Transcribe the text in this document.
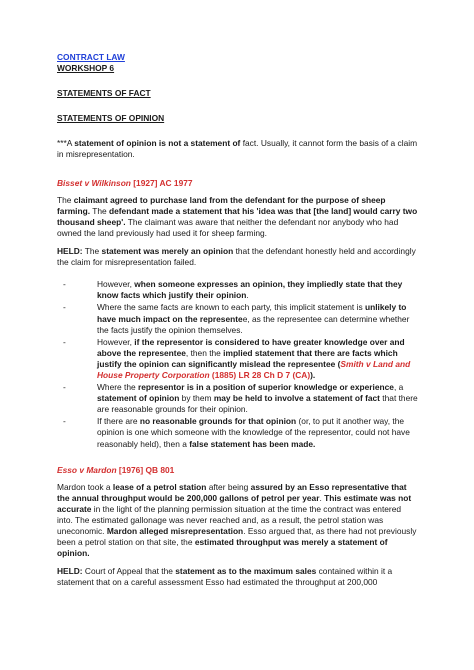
CONTRACT LAW

WORKSHOP 6

STATEMENTS OF FACT

STATEMENTS OF OPINION

***A statement of opinion is not a statement of fact. Usually, it cannot form the basis of a claim in misrepresentation.

Bisset v Wilkinson [1927] AC 1977

The claimant agreed to purchase land from the defendant for the purpose of sheep farming. The defendant made a statement that his 'idea was that [the land] would carry two thousand sheep'. The claimant was aware that neither the defendant nor anybody who had owned the land previously had used it for sheep farming.

HELD: The statement was merely an opinion that the defendant honestly held and accordingly the claim for misrepresentation failed.

-	However, when someone expresses an opinion, they impliedly state that they know facts which justify their opinion.
-	Where the same facts are known to each party, this implicit statement is unlikely to have much impact on the representee, as the representee can determine whether the facts justify the opinion themselves.
-	However, if the representor is considered to have greater knowledge over and above the representee, then the implied statement that there are facts which justify the opinion can significantly mislead the representee (Smith v Land and House Property Corporation (1885) LR 28 Ch D 7 (CA)).
-	Where the representor is in a position of superior knowledge or experience, a statement of opinion by them may be held to involve a statement of fact that there are reasonable grounds for their opinion.
-	If there are no reasonable grounds for that opinion (or, to put it another way, the opinion is one which someone with the knowledge of the representor, could not have reasonably held), then a false statement has been made.

Esso v Mardon [1976] QB 801

Mardon took a lease of a petrol station after being assured by an Esso representative that the annual throughput would be 200,000 gallons of petrol per year. This estimate was not accurate in the light of the planning permission situation at the time the contract was entered into. The estimated gallonage was never reached and, as a result, the petrol station was uneconomic. Mardon alleged misrepresentation. Esso argued that, as there had not previously been a petrol station on that site, the estimated throughput was merely a statement of opinion.

HELD: Court of Appeal that the statement as to the maximum sales contained within it a statement that on a careful assessment Esso had estimated the throughput at 200,000
